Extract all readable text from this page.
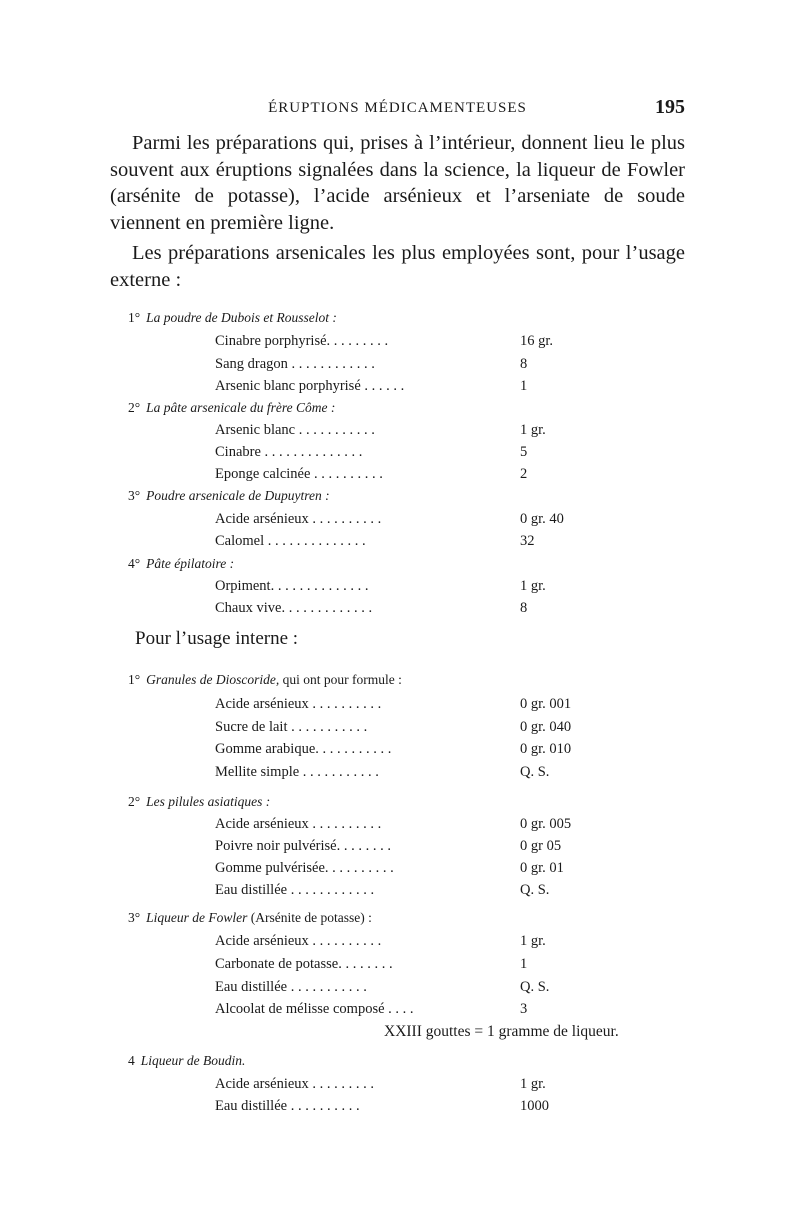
ÉRUPTIONS MÉDICAMENTEUSES	195
Parmi les préparations qui, prises à l’intérieur, donnent lieu le plus souvent aux éruptions signalées dans la science, la liqueur de Fowler (arsénite de potasse), l’acide arsénieux et l’arseniate de soude viennent en première ligne.
Les préparations arsenicales les plus employées sont, pour l’usage externe :
1° La poudre de Dubois et Rousselot :
Cinabre porphyrisé. . . . . . . . .	16 gr.
Sang dragon . . . . . . . . . . . .	8
Arsenic blanc porphyrisé . . . . . .	1
2° La pâte arsenicale du frère Côme :
Arsenic blanc . . . . . . . . . . .	1 gr.
Cinabre . . . . . . . . . . . . . .	5
Eponge calcinée . . . . . . . . . .	2
3° Poudre arsenicale de Dupuytren :
Acide arsénieux . . . . . . . . . .	0 gr. 40
Calomel . . . . . . . . . . . . . .	32
4° Pâte épilatoire :
Orpiment. . . . . . . . . . . . . .	1 gr.
Chaux vive. . . . . . . . . . . . .	8
Pour l’usage interne :
1° Granules de Dioscoride, qui ont pour formule :
Acide arsénieux . . . . . . . . . .	0 gr. 001
Sucre de lait . . . . . . . . . . .	0 gr. 040
Gomme arabique. . . . . . . . . . .	0 gr. 010
Mellite simple . . . . . . . . . . .	Q. S.
2° Les pilules asiatiques :
Acide arsénieux . . . . . . . . . .	0 gr. 005
Poivre noir pulvérisé. . . . . . . .	0 gr 05
Gomme pulvérisée. . . . . . . . . .	0 gr. 01
Eau distillée . . . . . . . . . . . .	Q. S.
3° Liqueur de Fowler (Arsénite de potasse) :
Acide arsénieux . . . . . . . . . .	1 gr.
Carbonate de potasse. . . . . . . .	1
Eau distillée . . . . . . . . . . .	Q. S.
Alcoolat de mélisse composé . . . .	3
XXIII gouttes = 1 gramme de liqueur.
4 Liqueur de Boudin.
Acide arsénieux . . . . . . . . .	1 gr.
Eau distillée . . . . . . . . . .	1000
